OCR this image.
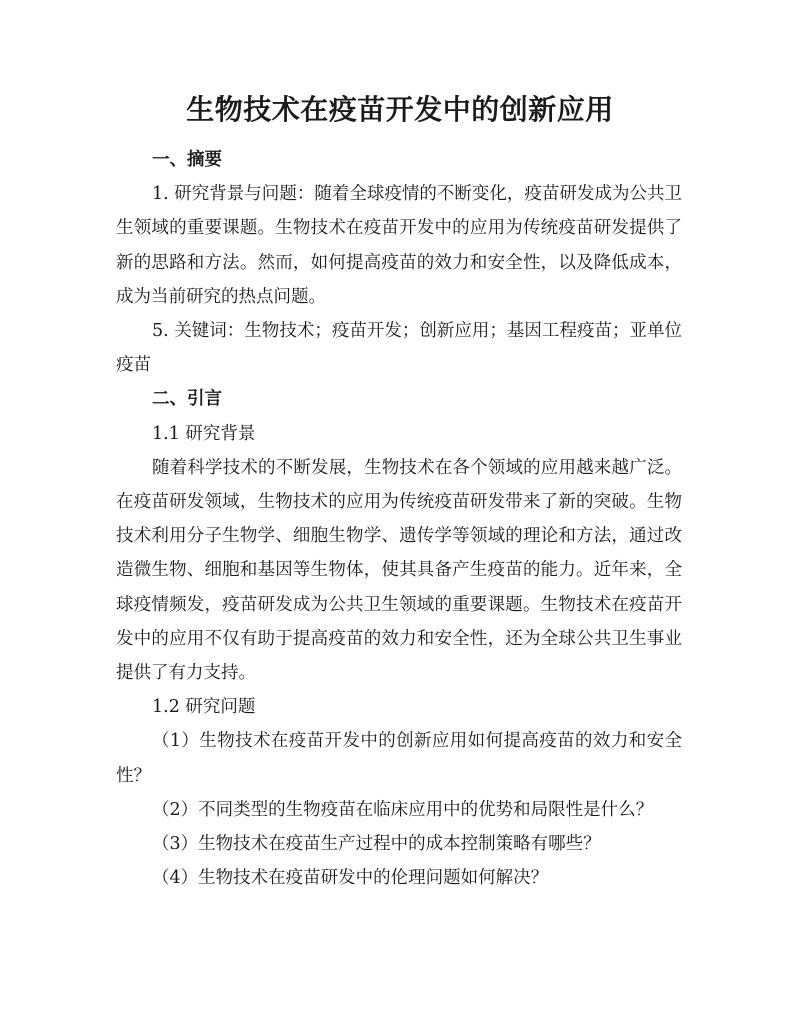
生物技术在疫苗开发中的创新应用

一、摘要

1. 研究背景与问题：随着全球疫情的不断变化，疫苗研发成为公共卫生领域的重要课题。生物技术在疫苗开发中的应用为传统疫苗研发提供了新的思路和方法。然而，如何提高疫苗的效力和安全性，以及降低成本，成为当前研究的热点问题。

5. 关键词：生物技术；疫苗开发；创新应用；基因工程疫苗；亚单位疫苗

二、引言

1.1 研究背景

随着科学技术的不断发展，生物技术在各个领域的应用越来越广泛。在疫苗研发领域，生物技术的应用为传统疫苗研发带来了新的突破。生物技术利用分子生物学、细胞生物学、遗传学等领域的理论和方法，通过改造微生物、细胞和基因等生物体，使其具备产生疫苗的能力。近年来，全球疫情频发，疫苗研发成为公共卫生领域的重要课题。生物技术在疫苗开发中的应用不仅有助于提高疫苗的效力和安全性，还为全球公共卫生事业提供了有力支持。

1.2 研究问题

（1）生物技术在疫苗开发中的创新应用如何提高疫苗的效力和安全性？

（2）不同类型的生物疫苗在临床应用中的优势和局限性是什么？

（3）生物技术在疫苗生产过程中的成本控制策略有哪些？

（4）生物技术在疫苗研发中的伦理问题如何解决？
